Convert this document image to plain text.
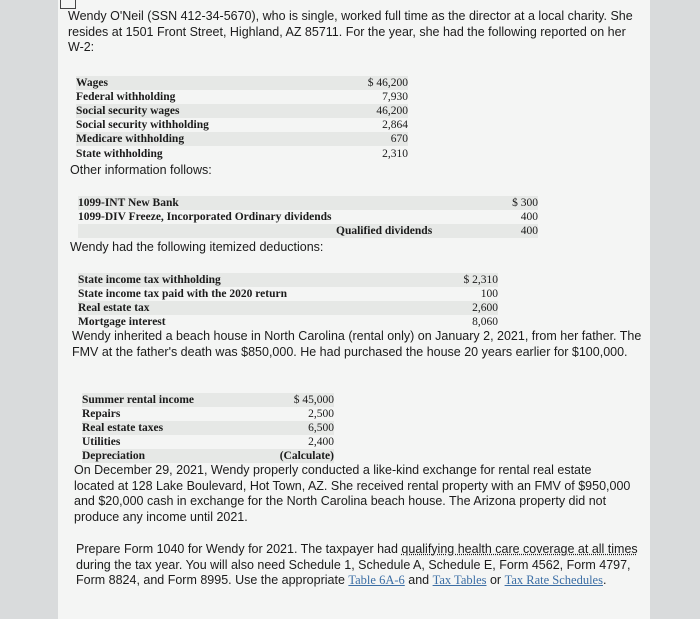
Wendy O'Neil (SSN 412-34-5670), who is single, worked full time as the director at a local charity. She resides at 1501 Front Street, Highland, AZ 85711. For the year, she had the following reported on her W-2:
Wages	$ 46,200
Federal withholding	7,930
Social security wages	46,200
Social security withholding	2,864
Medicare withholding	670
State withholding	2,310
Other information follows:
1099-INT New Bank	$ 300
1099-DIV Freeze, Incorporated Ordinary dividends	400
Qualified dividends	400
Wendy had the following itemized deductions:
State income tax withholding	$ 2,310
State income tax paid with the 2020 return	100
Real estate tax	2,600
Mortgage interest	8,060
Wendy inherited a beach house in North Carolina (rental only) on January 2, 2021, from her father. The FMV at the father's death was $850,000. He had purchased the house 20 years earlier for $100,000.
Summer rental income	$ 45,000
Repairs	2,500
Real estate taxes	6,500
Utilities	2,400
Depreciation	(Calculate)
On December 29, 2021, Wendy properly conducted a like-kind exchange for rental real estate located at 128 Lake Boulevard, Hot Town, AZ. She received rental property with an FMV of $950,000 and $20,000 cash in exchange for the North Carolina beach house. The Arizona property did not produce any income until 2021.
Prepare Form 1040 for Wendy for 2021. The taxpayer had qualifying health care coverage at all times during the tax year. You will also need Schedule 1, Schedule A, Schedule E, Form 4562, Form 4797, Form 8824, and Form 8995. Use the appropriate Table 6A-6 and Tax Tables or Tax Rate Schedules.
